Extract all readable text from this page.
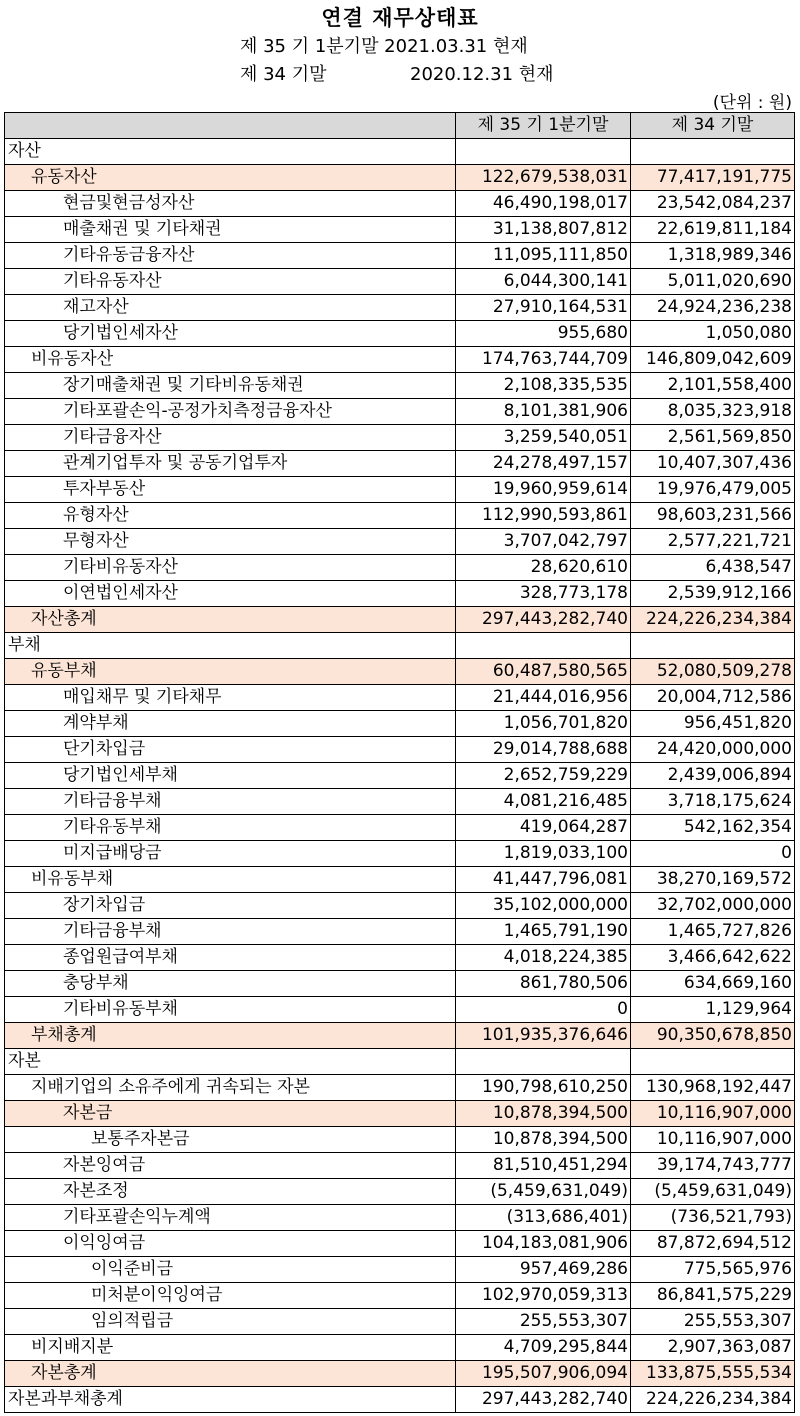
연결 재무상태표
제 35 기 1분기말 2021.03.31 현재
제 34 기말	2020.12.31 현재
(단위 : 원)
	제 35 기 1분기말	제 34 기말
자산		
유동자산	122,679,538,031	77,417,191,775
현금및현금성자산	46,490,198,017	23,542,084,237
매출채권 및 기타채권	31,138,807,812	22,619,811,184
기타유동금융자산	11,095,111,850	1,318,989,346
기타유동자산	6,044,300,141	5,011,020,690
재고자산	27,910,164,531	24,924,236,238
당기법인세자산	955,680	1,050,080
비유동자산	174,763,744,709	146,809,042,609
장기매출채권 및 기타비유동채권	2,108,335,535	2,101,558,400
기타포괄손익-공정가치측정금융자산	8,101,381,906	8,035,323,918
기타금융자산	3,259,540,051	2,561,569,850
관계기업투자 및 공동기업투자	24,278,497,157	10,407,307,436
투자부동산	19,960,959,614	19,976,479,005
유형자산	112,990,593,861	98,603,231,566
무형자산	3,707,042,797	2,577,221,721
기타비유동자산	28,620,610	6,438,547
이연법인세자산	328,773,178	2,539,912,166
자산총계	297,443,282,740	224,226,234,384
부채		
유동부채	60,487,580,565	52,080,509,278
매입채무 및 기타채무	21,444,016,956	20,004,712,586
계약부채	1,056,701,820	956,451,820
단기차입금	29,014,788,688	24,420,000,000
당기법인세부채	2,652,759,229	2,439,006,894
기타금융부채	4,081,216,485	3,718,175,624
기타유동부채	419,064,287	542,162,354
미지급배당금	1,819,033,100	0
비유동부채	41,447,796,081	38,270,169,572
장기차입금	35,102,000,000	32,702,000,000
기타금융부채	1,465,791,190	1,465,727,826
종업원급여부채	4,018,224,385	3,466,642,622
충당부채	861,780,506	634,669,160
기타비유동부채	0	1,129,964
부채총계	101,935,376,646	90,350,678,850
자본		
지배기업의 소유주에게 귀속되는 자본	190,798,610,250	130,968,192,447
자본금	10,878,394,500	10,116,907,000
보통주자본금	10,878,394,500	10,116,907,000
자본잉여금	81,510,451,294	39,174,743,777
자본조정	(5,459,631,049)	(5,459,631,049)
기타포괄손익누계액	(313,686,401)	(736,521,793)
이익잉여금	104,183,081,906	87,872,694,512
이익준비금	957,469,286	775,565,976
미처분이익잉여금	102,970,059,313	86,841,575,229
임의적립금	255,553,307	255,553,307
비지배지분	4,709,295,844	2,907,363,087
자본총계	195,507,906,094	133,875,555,534
자본과부채총계	297,443,282,740	224,226,234,384
